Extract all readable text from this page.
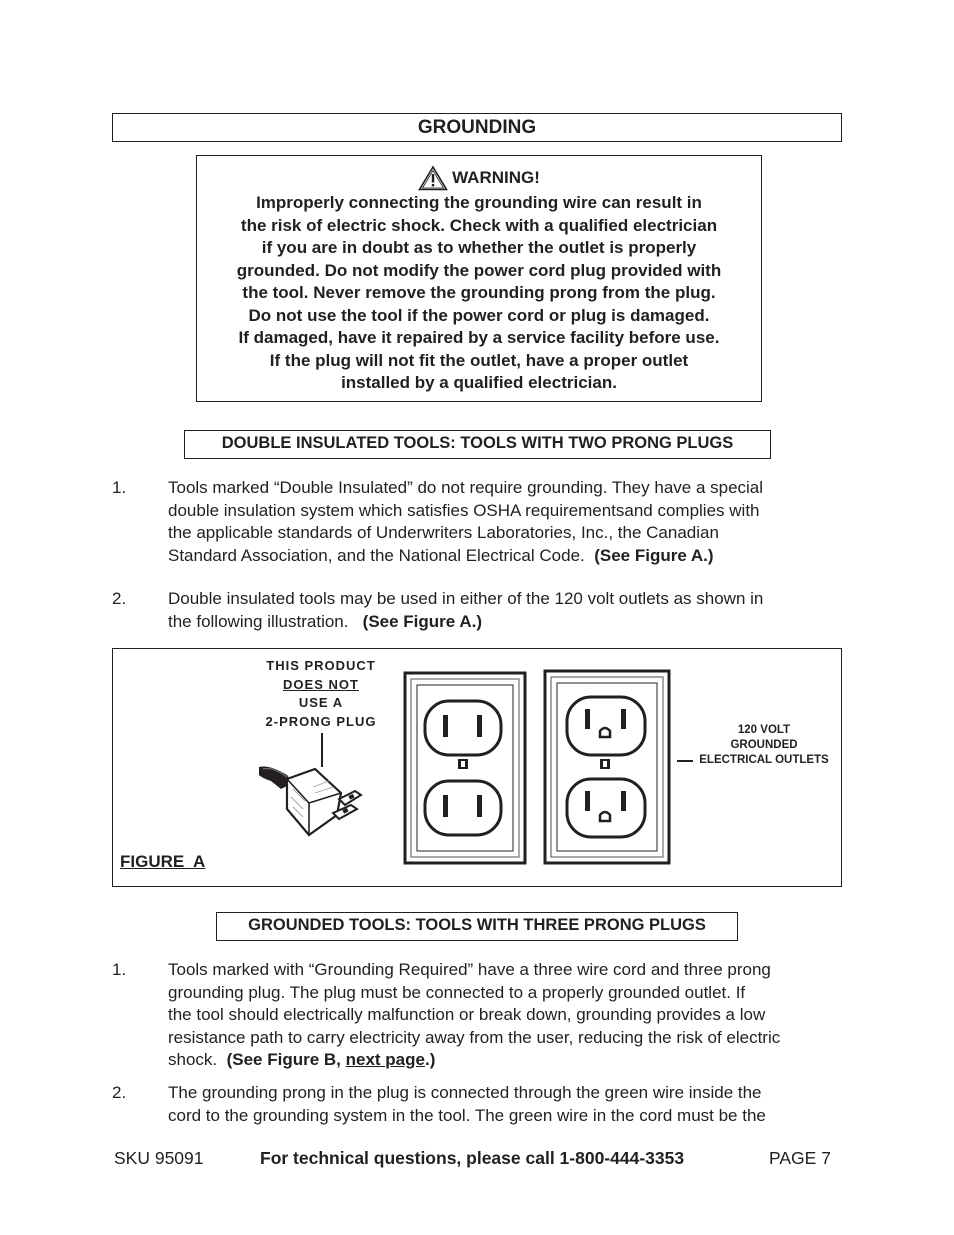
GROUNDING
WARNING!
Improperly connecting the grounding wire can result in
the risk of electric shock. Check with a qualified electrician
if you are in doubt as to whether the outlet is properly
grounded. Do not modify the power cord plug provided with
the tool. Never remove the grounding prong from the plug.
Do not use the tool if the power cord or plug is damaged.
If damaged, have it repaired by a service facility before use.
If the plug will not fit the outlet, have a proper outlet
installed by a qualified electrician.
DOUBLE INSULATED TOOLS: TOOLS WITH TWO PRONG PLUGS
1. Tools marked “Double Insulated” do not require grounding. They have a special
double insulation system which satisfies OSHA requirementsand complies with
the applicable standards of Underwriters Laboratories, Inc., the Canadian
Standard Association, and the National Electrical Code.  (See Figure A.)
2. Double insulated tools may be used in either of the 120 volt outlets as shown in
the following illustration.   (See Figure A.)
THIS PRODUCT
DOES NOT
USE A
2-PRONG PLUG
120 VOLT
GROUNDED
ELECTRICAL OUTLETS
FIGURE  A
GROUNDED TOOLS: TOOLS WITH THREE PRONG PLUGS
1. Tools marked with “Grounding Required” have a three wire cord and three prong
grounding plug. The plug must be connected to a properly grounded outlet. If
the tool should electrically malfunction or break down, grounding provides a low
resistance path to carry electricity away from the user, reducing the risk of electric
shock.  (See Figure B, next page.)
2. The grounding prong in the plug is connected through the green wire inside the
cord to the grounding system in the tool. The green wire in the cord must be the
SKU 95091	For technical questions, please call 1-800-444-3353	PAGE 7
